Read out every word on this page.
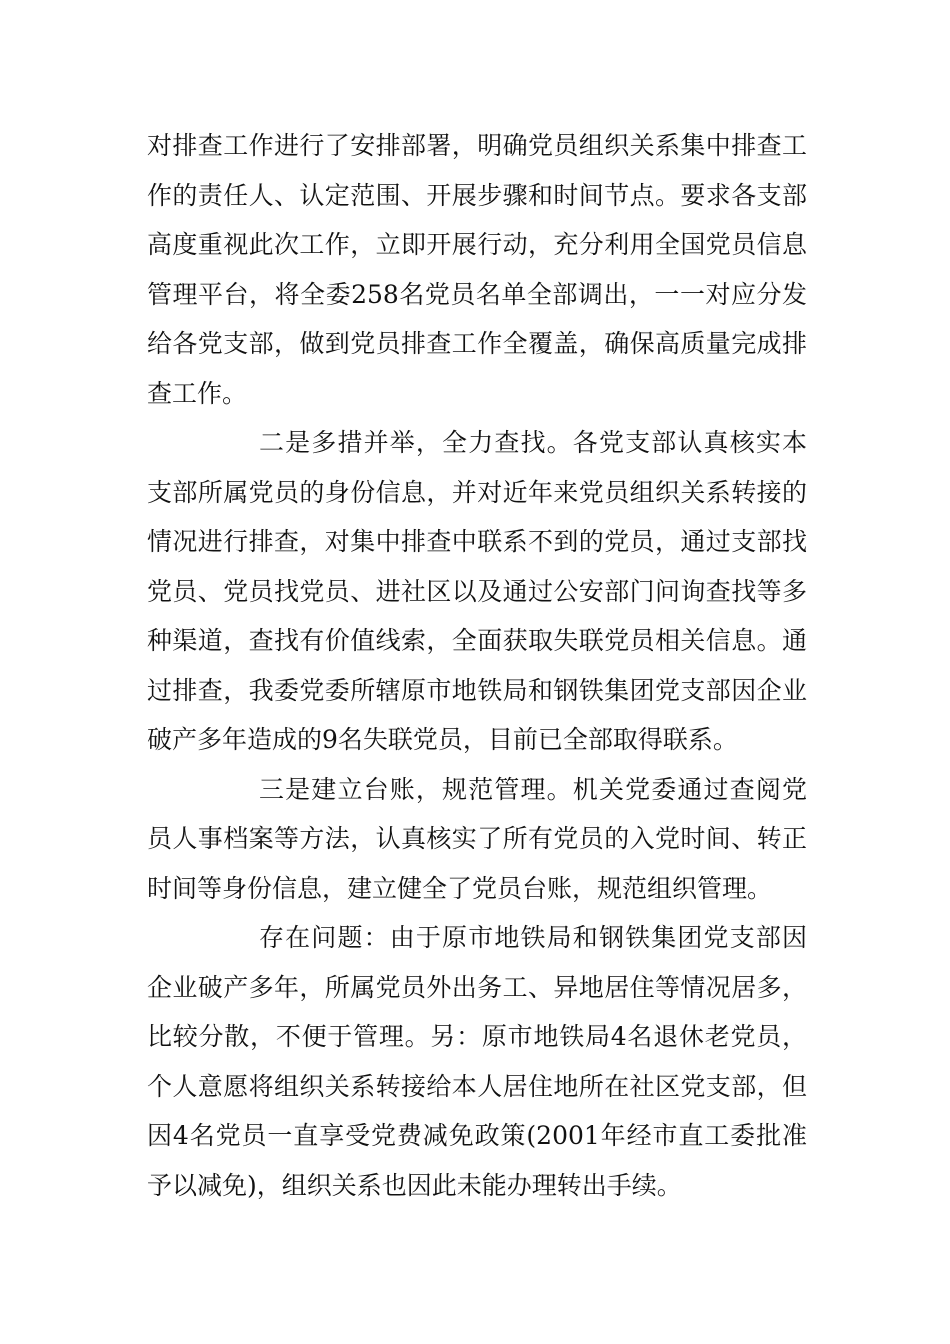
对排查工作进行了安排部署，明确党员组织关系集中排查工作的责任人、认定范围、开展步骤和时间节点。要求各支部高度重视此次工作，立即开展行动，充分利用全国党员信息管理平台，将全委258名党员名单全部调出，一一对应分发给各党支部，做到党员排查工作全覆盖，确保高质量完成排查工作。

二是多措并举，全力查找。各党支部认真核实本支部所属党员的身份信息，并对近年来党员组织关系转接的情况进行排查，对集中排查中联系不到的党员，通过支部找党员、党员找党员、进社区以及通过公安部门问询查找等多种渠道，查找有价值线索，全面获取失联党员相关信息。通过排查，我委党委所辖原市地铁局和钢铁集团党支部因企业破产多年造成的9名失联党员，目前已全部取得联系。

三是建立台账，规范管理。机关党委通过查阅党员人事档案等方法，认真核实了所有党员的入党时间、转正时间等身份信息，建立健全了党员台账，规范组织管理。

存在问题：由于原市地铁局和钢铁集团党支部因企业破产多年，所属党员外出务工、异地居住等情况居多，比较分散，不便于管理。另：原市地铁局4名退休老党员，个人意愿将组织关系转接给本人居住地所在社区党支部，但因4名党员一直享受党费减免政策(2001年经市直工委批准予以减免)，组织关系也因此未能办理转出手续。
